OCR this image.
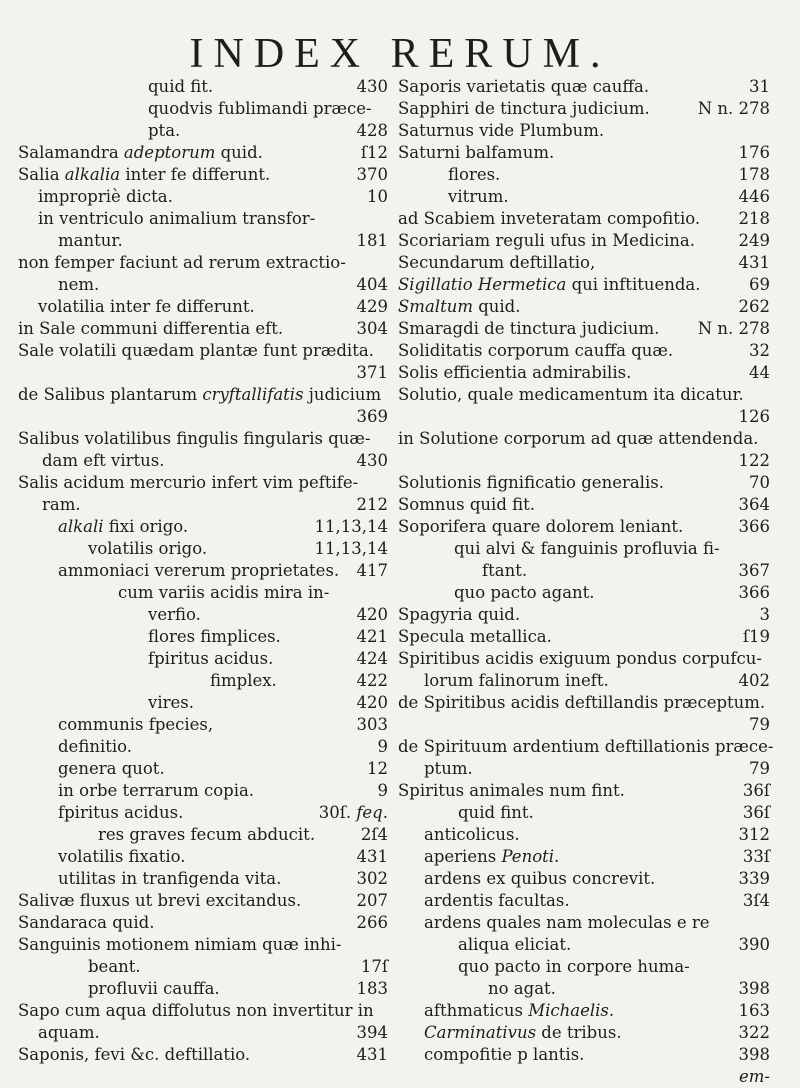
INDEX RERUM.
quid fit.	430
quodvis fublimandi præce-
pta.	428
Salamandra adeptorum quid.	ſ12
Salia alkalia inter fe differunt.	370
impropriè dicta.	10
in ventriculo animalium transfor-
mantur.	181
non femper faciunt ad rerum extractio-
nem.	404
volatilia inter fe differunt.	429
in Sale communi differentia eft.	304
Sale volatili quædam plantæ funt prædita.
371
de Salibus plantarum cryftallifatis judicium
369
Salibus volatilibus fingulis fingularis quæ-
dam eft virtus.	430
Salis acidum mercurio infert vim peftife-
ram.	212
alkali fixi origo.	11,13,14
volatilis origo.	11,13,14
ammoniaci vererum proprietates. 417
cum variis acidis mira in-
verfio.	420
flores fimplices.	421
fpiritus acidus.	424
fimplex.	422
vires.	420
communis fpecies,	303
definitio.	9
genera quot.	12
in orbe terrarum copia.	9
fpiritus acidus.	30ſ. feq.
res graves fecum abducit.	2ſ4
volatilis fixatio.	431
utilitas in tranfigenda vita.	302
Salivæ fluxus ut brevi excitandus.	207
Sandaraca quid.	266
Sanguinis motionem nimiam quæ inhi-
beant.	17ſ
profluvii cauffa.	183
Sapo cum aqua diffolutus non invertitur in
aquam.	394
Saponis, fevi &c. deftillatio.	431
Saporis varietatis quæ cauffa.	31
Sapphiri de tinctura judicium.	N n. 278
Saturnus vide Plumbum.
Saturni balfamum.	176
flores.	178
vitrum.	446
ad Scabiem inveteratam compofitio. 218
Scoriariam reguli ufus in Medicina.	249
Secundarum deftillatio,	431
Sigillatio Hermetica qui inftituenda.	69
Smaltum quid.	262
Smaragdi de tinctura judicium. N n. 278
Soliditatis corporum cauffa quæ.	32
Solis efficientia admirabilis.	44
Solutio, quale medicamentum ita dicatur.
126
in Solutione corporum ad quæ attendenda.
122
Solutionis fignificatio generalis.	70
Somnus quid fit.	364
Soporifera quare dolorem leniant.	366
qui alvi & fanguinis profluvia fi-
ftant.	367
quo pacto agant.	366
Spagyria quid.	3
Specula metallica.	ſ19
Spiritibus acidis exiguum pondus corpufcu-
lorum falinorum ineft.	402
de Spiritibus acidis deftillandis præceptum.
79
de Spirituum ardentium deftillationis præce-
ptum.	79
Spiritus animales num fint.	36ſ
quid fint.	36ſ
anticolicus.	312
aperiens Penoti.	33ſ
ardens ex quibus concrevit.	339
ardentis facultas.	3ſ4
ardens quales nam moleculas e re
aliqua eliciat.	390
quo pacto in corpore huma-
no agat.	398
afthmaticus Michaelis.	163
Carminativus de tribus.	322
compofitie p lantis.	398
em-
